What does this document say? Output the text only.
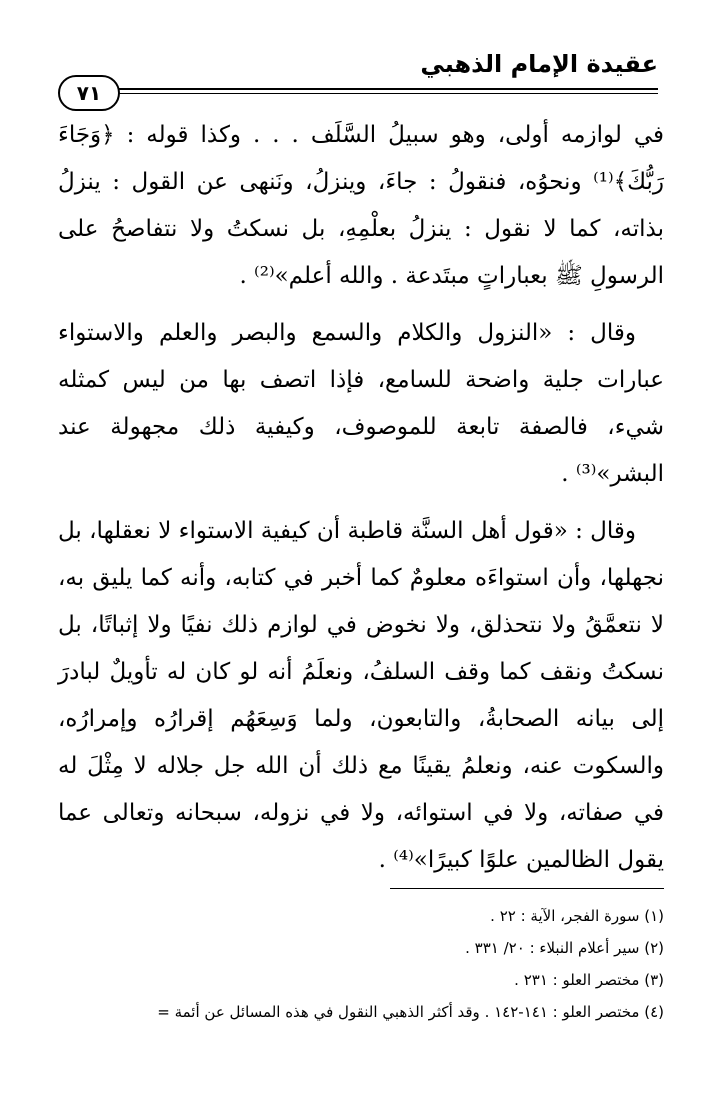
عقيدة الإمام الذهبي
٧١

في لوازمه أولى، وهو سبيلُ السَّلَف . . . وكذا قوله : ﴿وَجَاءَ رَبُّكَ﴾⁽¹⁾ ونحوُه، فنقولُ : جاءَ، وينزلُ، ونَنهى عن القول : ينزلُ بذاته، كما لا نقول : ينزلُ بعلْمِهِ، بل نسكتُ ولا نتفاصحُ على الرسولِ ﷺ بعباراتٍ مبتَدعة . والله أعلم»⁽²⁾ .

وقال : «النزول والكلام والسمع والبصر والعلم والاستواء عبارات جلية واضحة للسامع، فإذا اتصف بها من ليس كمثله شيء، فالصفة تابعة للموصوف، وكيفية ذلك مجهولة عند البشر»⁽³⁾ .

وقال : «قول أهل السنَّة قاطبة أن كيفية الاستواء لا نعقلها، بل نجهلها، وأن استواءَه معلومٌ كما أخبر في كتابه، وأنه كما يليق به، لا نتعمَّقُ ولا نتحذلق، ولا نخوض في لوازم ذلك نفيًا ولا إثباتًا، بل نسكتُ ونقف كما وقف السلفُ، ونعلَمُ أنه لو كان له تأويلٌ لبادرَ إلى بيانه الصحابةُ، والتابعون، ولما وَسِعَهُم إقرارُه وإمرارُه، والسكوت عنه، ونعلمُ يقينًا مع ذلك أن الله جل جلاله لا مِثْلَ له في صفاته، ولا في استوائه، ولا في نزوله، سبحانه وتعالى عما يقول الظالمين علوًا كبيرًا»⁽⁴⁾ .

(١) سورة الفجر، الآية : ٢٢ .
(٢) سير أعلام النبلاء : ٢٠/ ٣٣١ .
(٣) مختصر العلو : ٢٣١ .
(٤) مختصر العلو : ١٤١-١٤٢ . وقد أكثر الذهبي النقول في هذه المسائل عن أئمة =
